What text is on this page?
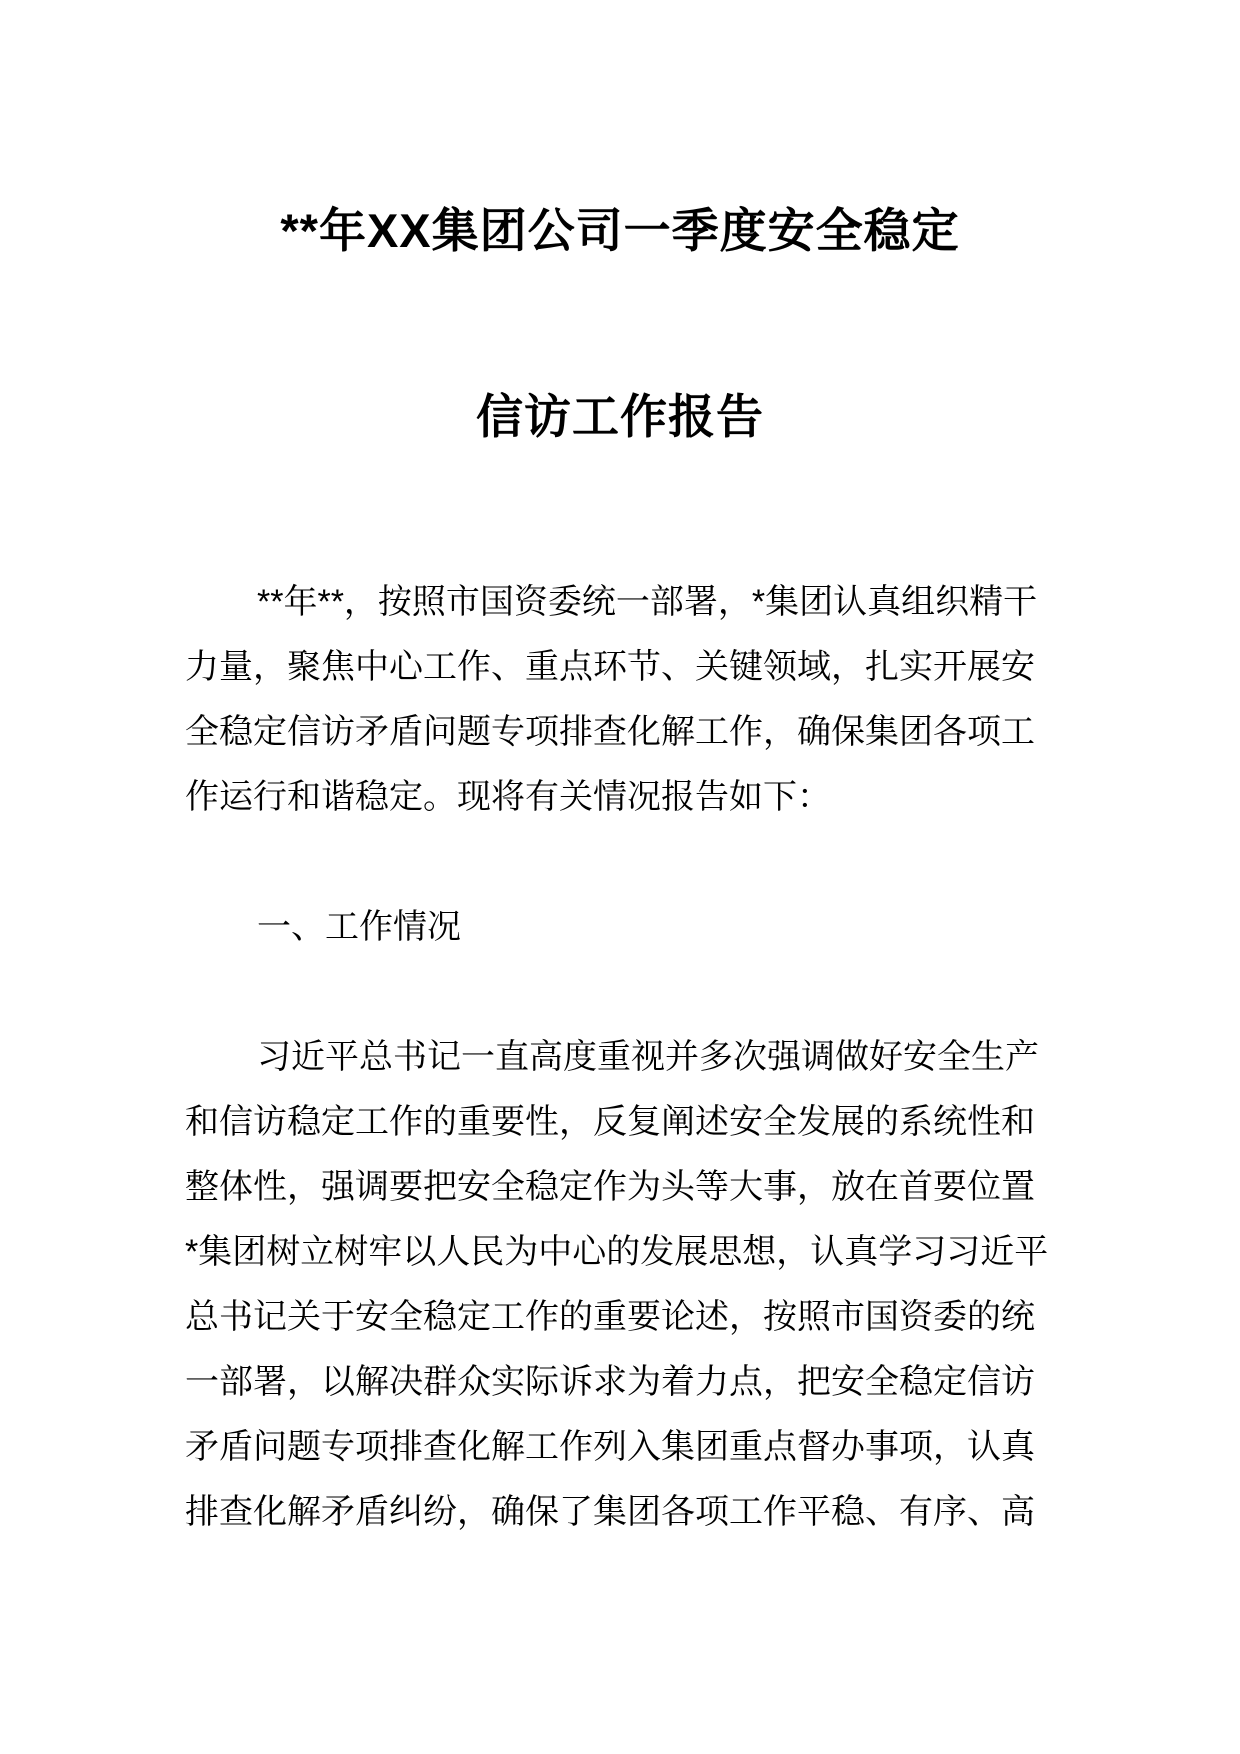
**年XX集团公司一季度安全稳定
信访工作报告
**年**，按照市国资委统一部署，*集团认真组织精干
力量，聚焦中心工作、重点环节、关键领域，扎实开展安
全稳定信访矛盾问题专项排查化解工作，确保集团各项工
作运行和谐稳定。现将有关情况报告如下：
一、工作情况
习近平总书记一直高度重视并多次强调做好安全生产
和信访稳定工作的重要性，反复阐述安全发展的系统性和
整体性，强调要把安全稳定作为头等大事，放在首要位置
*集团树立树牢以人民为中心的发展思想，认真学习习近平
总书记关于安全稳定工作的重要论述，按照市国资委的统
一部署，以解决群众实际诉求为着力点，把安全稳定信访
矛盾问题专项排查化解工作列入集团重点督办事项，认真
排查化解矛盾纠纷，确保了集团各项工作平稳、有序、高
